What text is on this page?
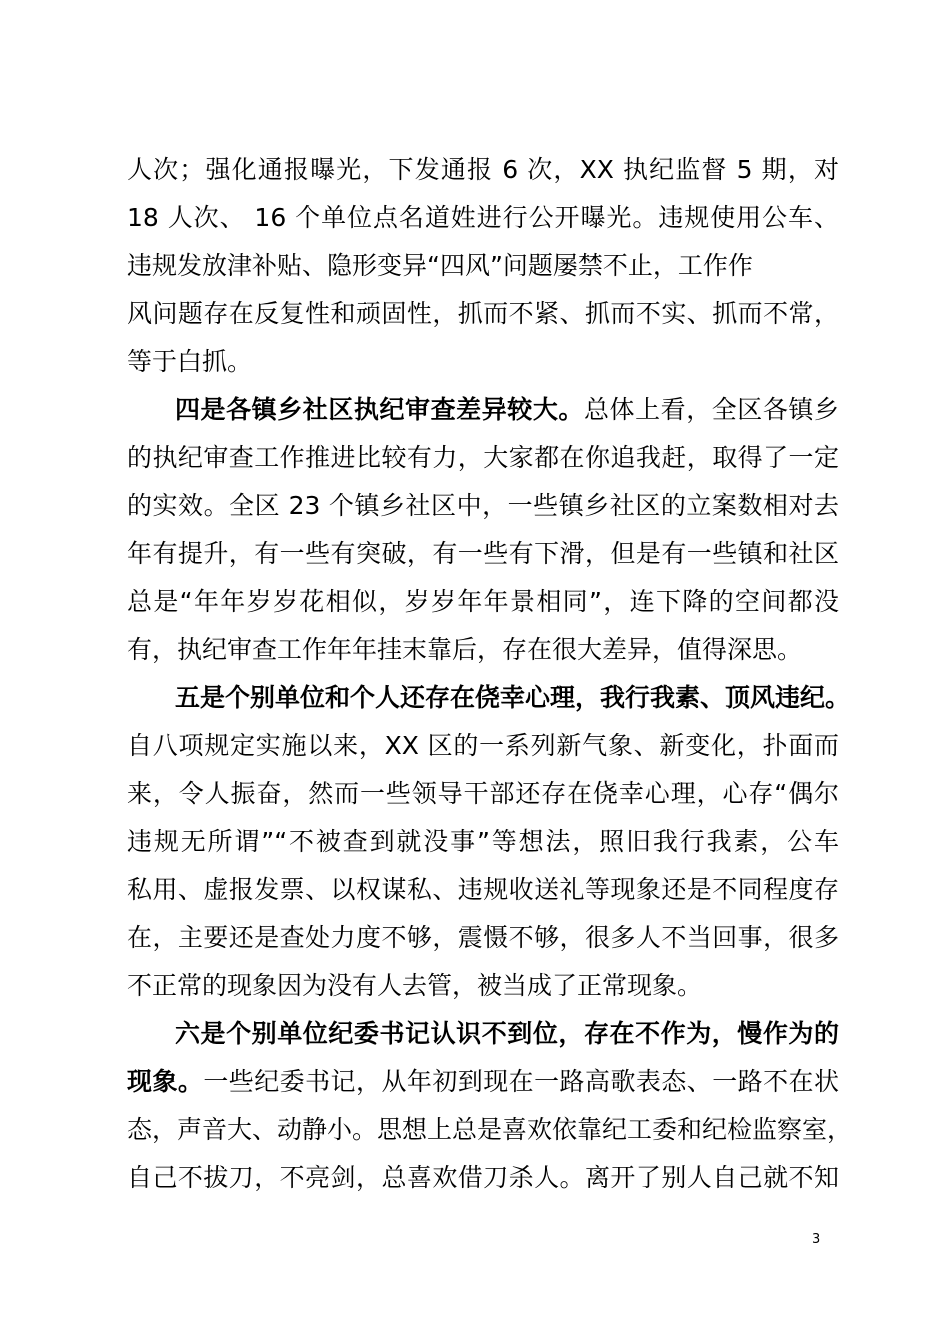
人次；强化通报曝光，下发通报 6 次，XX 执纪监督 5 期，对
18 人次、 16 个单位点名道姓进行公开曝光。违规使用公车、
违规发放津补贴、隐形变异“四风”问题屡禁不止，工作作
风问题存在反复性和顽固性，抓而不紧、抓而不实、抓而不常，
等于白抓。
四是各镇乡社区执纪审查差异较大。总体上看，全区各镇乡
的执纪审查工作推进比较有力，大家都在你追我赶，取得了一定
的实效。全区 23 个镇乡社区中，一些镇乡社区的立案数相对去
年有提升，有一些有突破，有一些有下滑，但是有一些镇和社区
总是“年年岁岁花相似，岁岁年年景相同”，连下降的空间都没
有，执纪审查工作年年挂末靠后，存在很大差异，值得深思。
五是个别单位和个人还存在侥幸心理，我行我素、顶风违纪。
自八项规定实施以来，XX 区的一系列新气象、新变化，扑面而
来，令人振奋，然而一些领导干部还存在侥幸心理，心存“偶尔
违规无所谓”“不被查到就没事”等想法，照旧我行我素，公车
私用、虚报发票、以权谋私、违规收送礼等现象还是不同程度存
在，主要还是查处力度不够，震慑不够，很多人不当回事，很多
不正常的现象因为没有人去管，被当成了正常现象。
六是个别单位纪委书记认识不到位，存在不作为，慢作为的
现象。一些纪委书记，从年初到现在一路高歌表态、一路不在状
态，声音大、动静小。思想上总是喜欢依靠纪工委和纪检监察室，
自己不拔刀，不亮剑，总喜欢借刀杀人。离开了别人自己就不知
3
